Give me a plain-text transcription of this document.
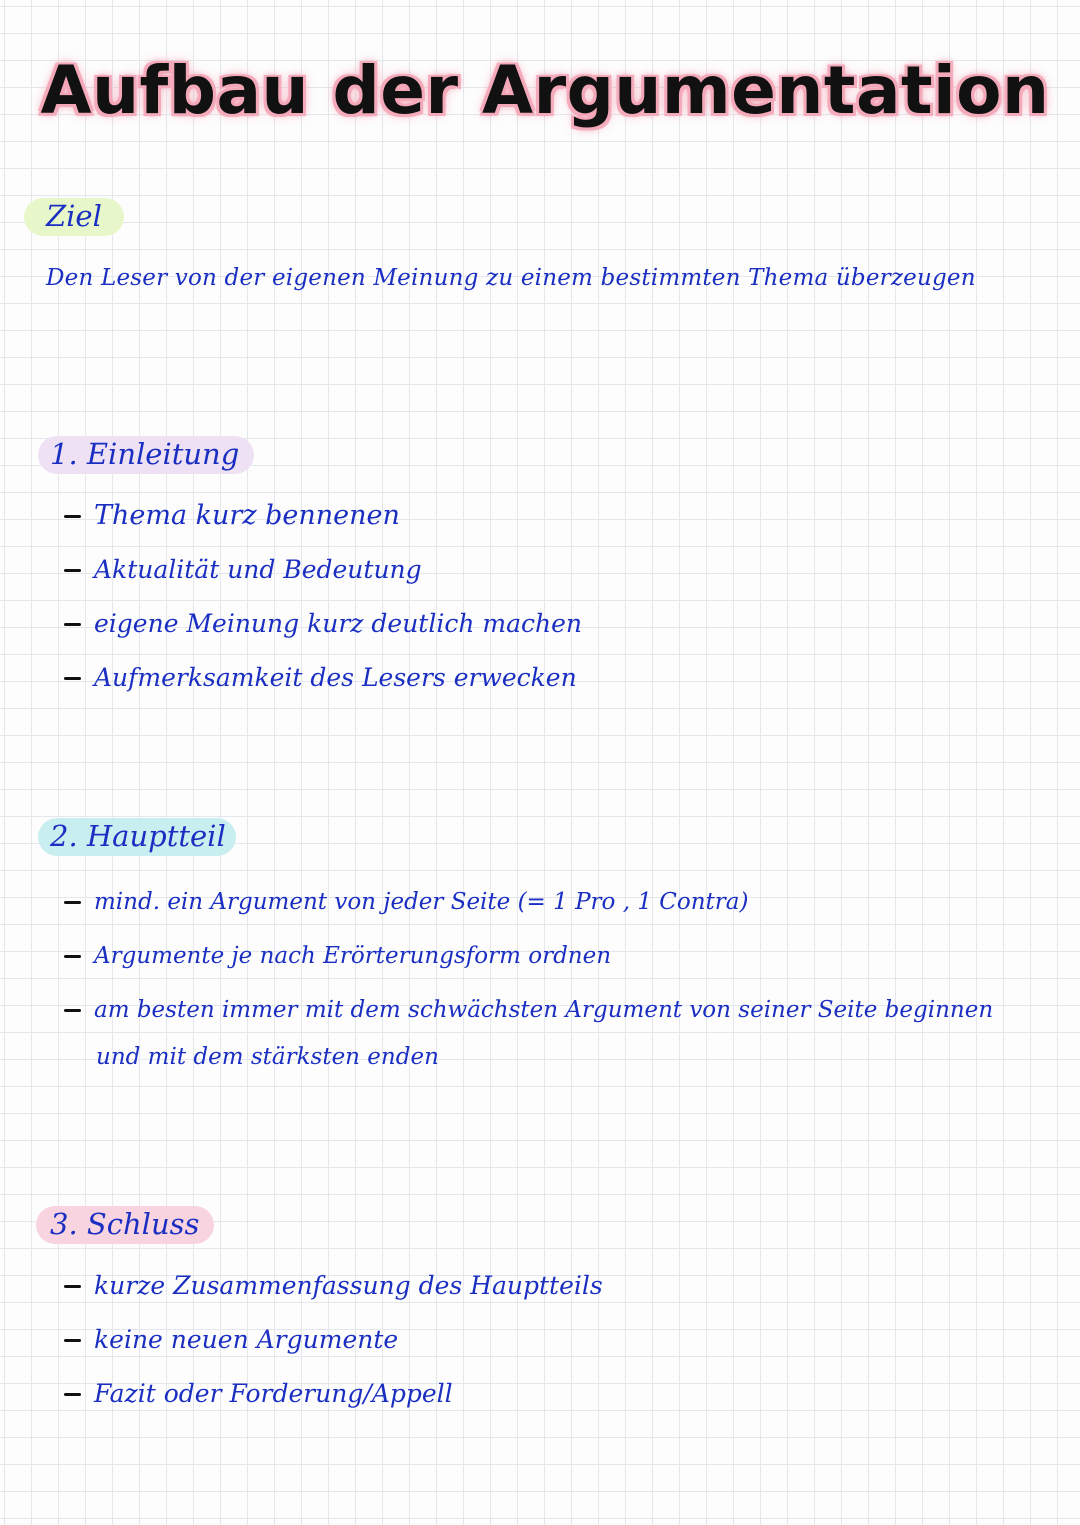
Aufbau der Argumentation
Ziel
Den Leser von der eigenen Meinung zu einem bestimmten Thema überzeugen
1. Einleitung
Thema kurz bennenen
Aktualität und Bedeutung
eigene Meinung kurz deutlich machen
Aufmerksamkeit des Lesers erwecken
2. Hauptteil
mind. ein Argument von jeder Seite (= 1 Pro , 1 Contra)
Argumente je nach Erörterungsform ordnen
am besten immer mit dem schwächsten Argument von seiner Seite beginnen
und mit dem stärksten enden
3. Schluss
kurze Zusammenfassung des Hauptteils
keine neuen Argumente
Fazit oder Forderung/Appell
